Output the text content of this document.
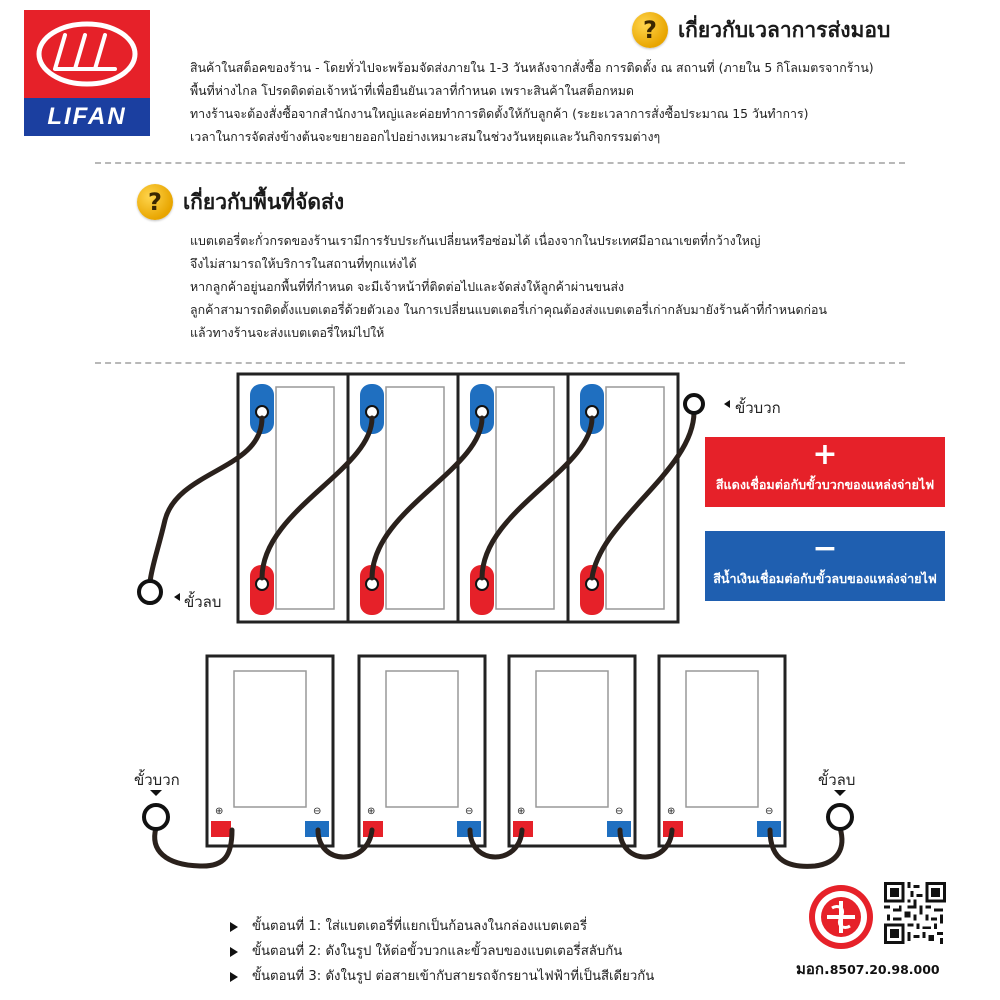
LIFAN
?	เกี่ยวกับเวลาการส่งมอบ
สินค้าในสต็อคของร้าน - โดยทั่วไปจะพร้อมจัดส่งภายใน 1-3 วันหลังจากสั่งซื้อ การติดตั้ง ณ สถานที่ (ภายใน 5 กิโลเมตรจากร้าน)
พื้นที่ห่างไกล โปรดติดต่อเจ้าหน้าที่เพื่อยืนยันเวลาที่กำหนด เพราะสินค้าในสต็อกหมด
ทางร้านจะต้องสั่งซื้อจากสำนักงานใหญ่และค่อยทำการติดตั้งให้กับลูกค้า (ระยะเวลาการสั่งซื้อประมาณ 15 วันทำการ)
เวลาในการจัดส่งข้างต้นจะขยายออกไปอย่างเหมาะสมในช่วงวันหยุดและวันกิจกรรมต่างๆ
?	เกี่ยวกับพื้นที่จัดส่ง
แบตเตอรี่ตะกั่วกรดของร้านเรามีการรับประกันเปลี่ยนหรือซ่อมได้ เนื่องจากในประเทศมีอาณาเขตที่กว้างใหญ่
จึงไม่สามารถให้บริการในสถานที่ทุกแห่งได้
หากลูกค้าอยู่นอกพื้นที่ที่กำหนด จะมีเจ้าหน้าที่ติดต่อไปและจัดส่งให้ลูกค้าผ่านขนส่ง
ลูกค้าสามารถติดตั้งแบตเตอรี่ด้วยตัวเอง ในการเปลี่ยนแบตเตอรี่เก่าคุณต้องส่งแบตเตอรี่เก่ากลับมายังร้านค้าที่กำหนดก่อน
แล้วทางร้านจะส่งแบตเตอรี่ใหม่ไปให้
ขั้วบวก
ขั้วลบ
+
สีแดงเชื่อมต่อกับขั้วบวกของแหล่งจ่ายไฟ
−
สีน้ำเงินเชื่อมต่อกับขั้วลบของแหล่งจ่ายไฟ
ขั้วบวก	ขั้วลบ
⊕	⊖	⊕	⊖	⊕	⊖	⊕	⊖
ขั้นตอนที่ 1: ใส่แบตเตอรี่ที่แยกเป็นก้อนลงในกล่องแบตเตอรี่
ขั้นตอนที่ 2: ดังในรูป ให้ต่อขั้วบวกและขั้วลบของแบตเตอรี่สลับกัน
ขั้นตอนที่ 3: ดังในรูป ต่อสายเข้ากับสายรถจักรยานไฟฟ้าที่เป็นสีเดียวกัน	มอก.8507.20.98.000
